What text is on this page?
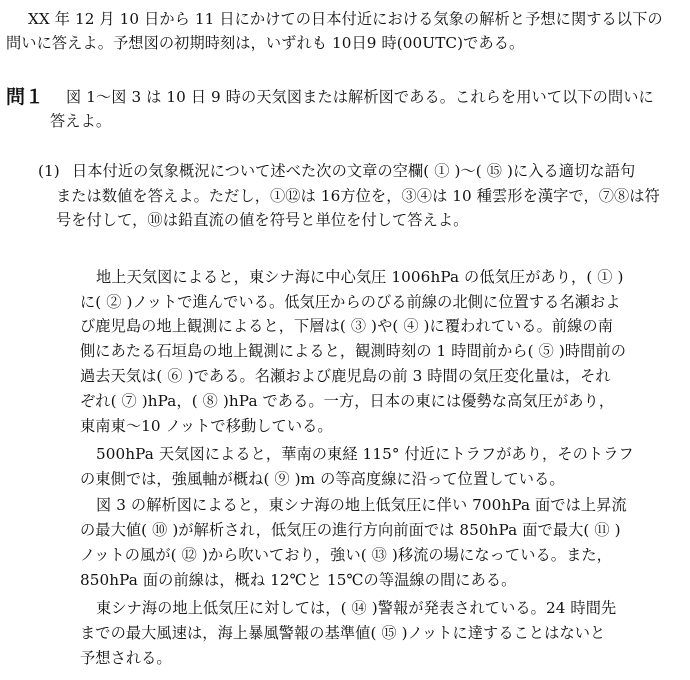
XX 年 12 月 10 日から 11 日にかけての日本付近における気象の解析と予想に関する以下の
問いに答えよ。予想図の初期時刻は，いずれも 10日9 時(00UTC)である。
問１ 図 1～図 3 は 10 日 9 時の天気図または解析図である。これらを用いて以下の問いに
答えよ。
(1) 日本付近の気象概況について述べた次の文章の空欄( ① )～( ⑮ )に入る適切な語句
または数値を答えよ。ただし，①⑫は 16方位を，③④は 10 種雲形を漢字で，⑦⑧は符
号を付して，⑩は鉛直流の値を符号と単位を付して答えよ。
地上天気図によると，東シナ海に中心気圧 1006hPa の低気圧があり，( ① )
に( ② )ノットで進んでいる。低気圧からのびる前線の北側に位置する名瀬およ
び鹿児島の地上観測によると，下層は( ③ )や( ④ )に覆われている。前線の南
側にあたる石垣島の地上観測によると，観測時刻の 1 時間前から( ⑤ )時間前の
過去天気は( ⑥ )である。名瀬および鹿児島の前 3 時間の気圧変化量は，それ
ぞれ( ⑦ )hPa，( ⑧ )hPa である。一方，日本の東には優勢な高気圧があり，
東南東～10 ノットで移動している。
500hPa 天気図によると，華南の東経 115° 付近にトラフがあり，そのトラフ
の東側では，強風軸が概ね( ⑨ )m の等高度線に沿って位置している。
図 3 の解析図によると，東シナ海の地上低気圧に伴い 700hPa 面では上昇流
の最大値( ⑩ )が解析され，低気圧の進行方向前面では 850hPa 面で最大( ⑪ )
ノットの風が( ⑫ )から吹いており，強い( ⑬ )移流の場になっている。また，
850hPa 面の前線は，概ね 12℃と 15℃の等温線の間にある。
東シナ海の地上低気圧に対しては，( ⑭ )警報が発表されている。24 時間先
までの最大風速は，海上暴風警報の基準値( ⑮ )ノットに達することはないと
予想される。
